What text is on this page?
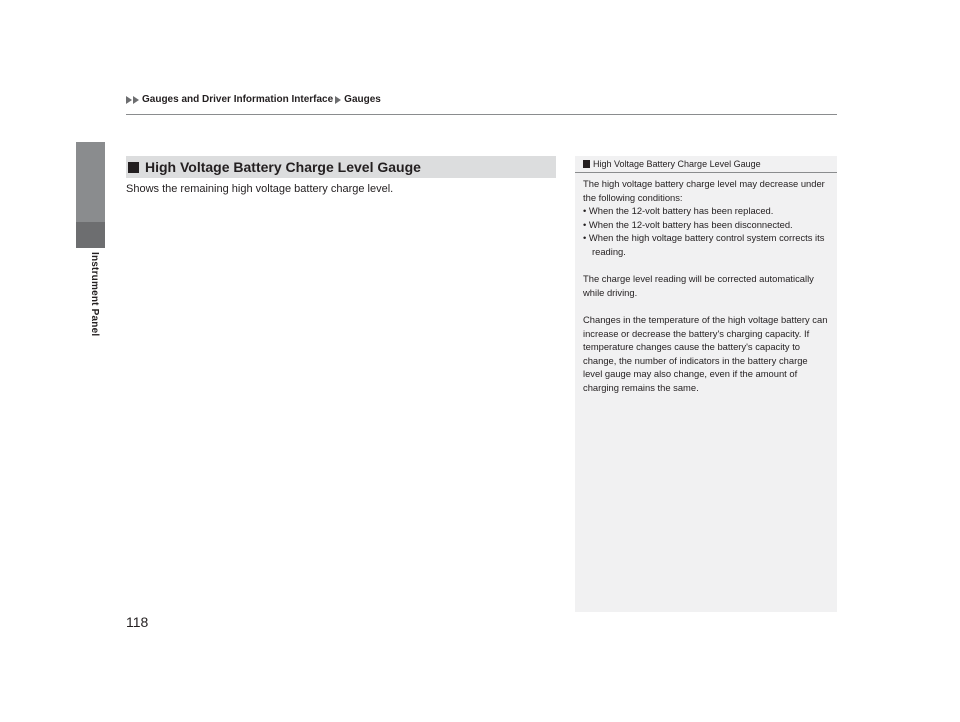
Instrument Panel
Gauges and Driver Information Interface Gauges
High Voltage Battery Charge Level Gauge
Shows the remaining high voltage battery charge level.
High Voltage Battery Charge Level Gauge

The high voltage battery charge level may decrease under the following conditions:

• When the 12-volt battery has been replaced.
• When the 12-volt battery has been disconnected.
• When the high voltage battery control system corrects its reading.

The charge level reading will be corrected automatically while driving.

Changes in the temperature of the high voltage battery can increase or decrease the battery's charging capacity. If temperature changes cause the battery's capacity to change, the number of indicators in the battery charge level gauge may also change, even if the amount of charging remains the same.

118
